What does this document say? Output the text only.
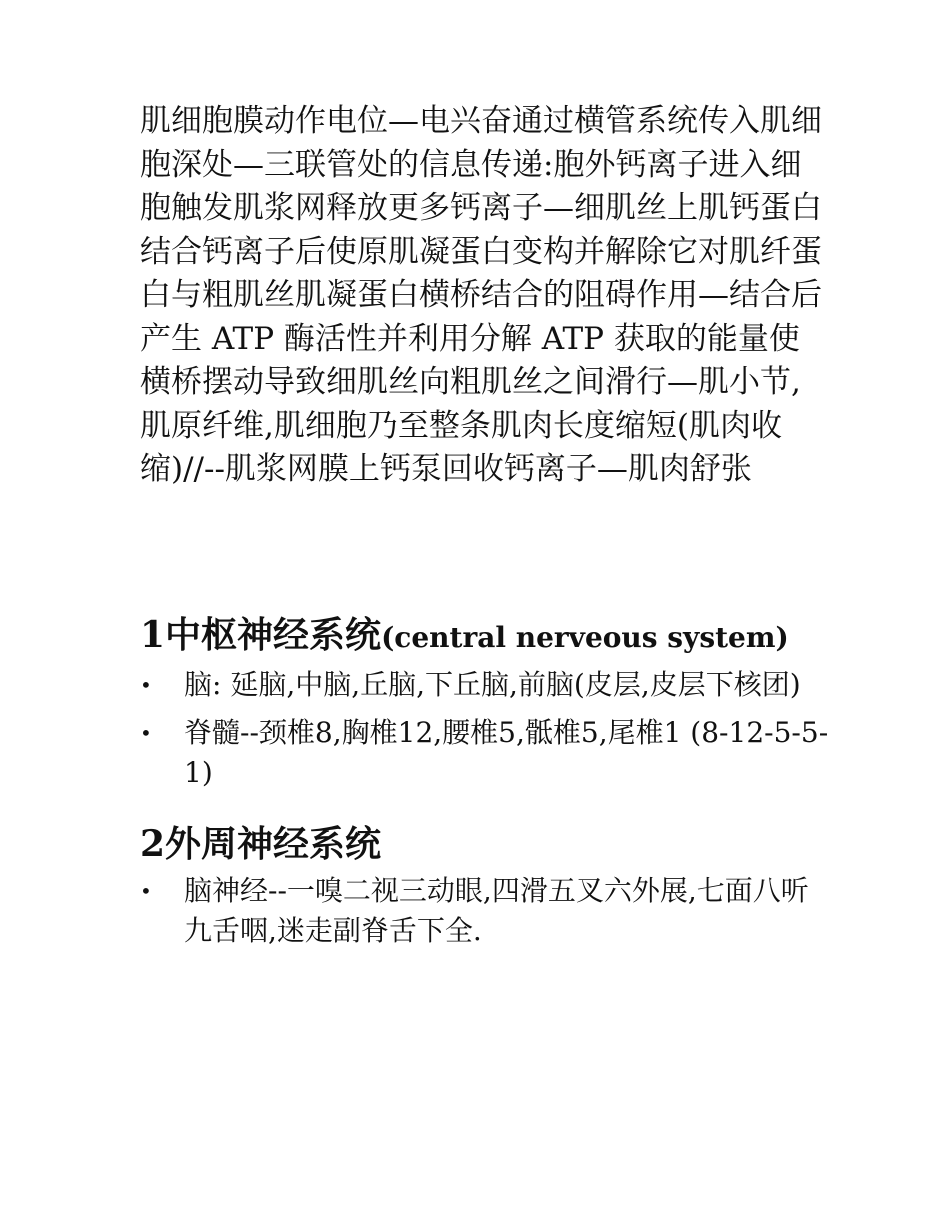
肌细胞膜动作电位—电兴奋通过横管系统传入肌细胞深处—三联管处的信息传递:胞外钙离子进入细胞触发肌浆网释放更多钙离子—细肌丝上肌钙蛋白结合钙离子后使原肌凝蛋白变构并解除它对肌纤蛋白与粗肌丝肌凝蛋白横桥结合的阻碍作用—结合后产生 ATP 酶活性并利用分解 ATP 获取的能量使横桥摆动导致细肌丝向粗肌丝之间滑行—肌小节,肌原纤维,肌细胞乃至整条肌肉长度缩短(肌肉收缩)//--肌浆网膜上钙泵回收钙离子—肌肉舒张

1中枢神经系统(central nerveous system)
• 脑: 延脑,中脑,丘脑,下丘脑,前脑(皮层,皮层下核团)
• 脊髓--颈椎8,胸椎12,腰椎5,骶椎5,尾椎1 (8-12-5-5-1)
2外周神经系统
• 脑神经--一嗅二视三动眼,四滑五叉六外展,七面八听九舌咽,迷走副脊舌下全.
